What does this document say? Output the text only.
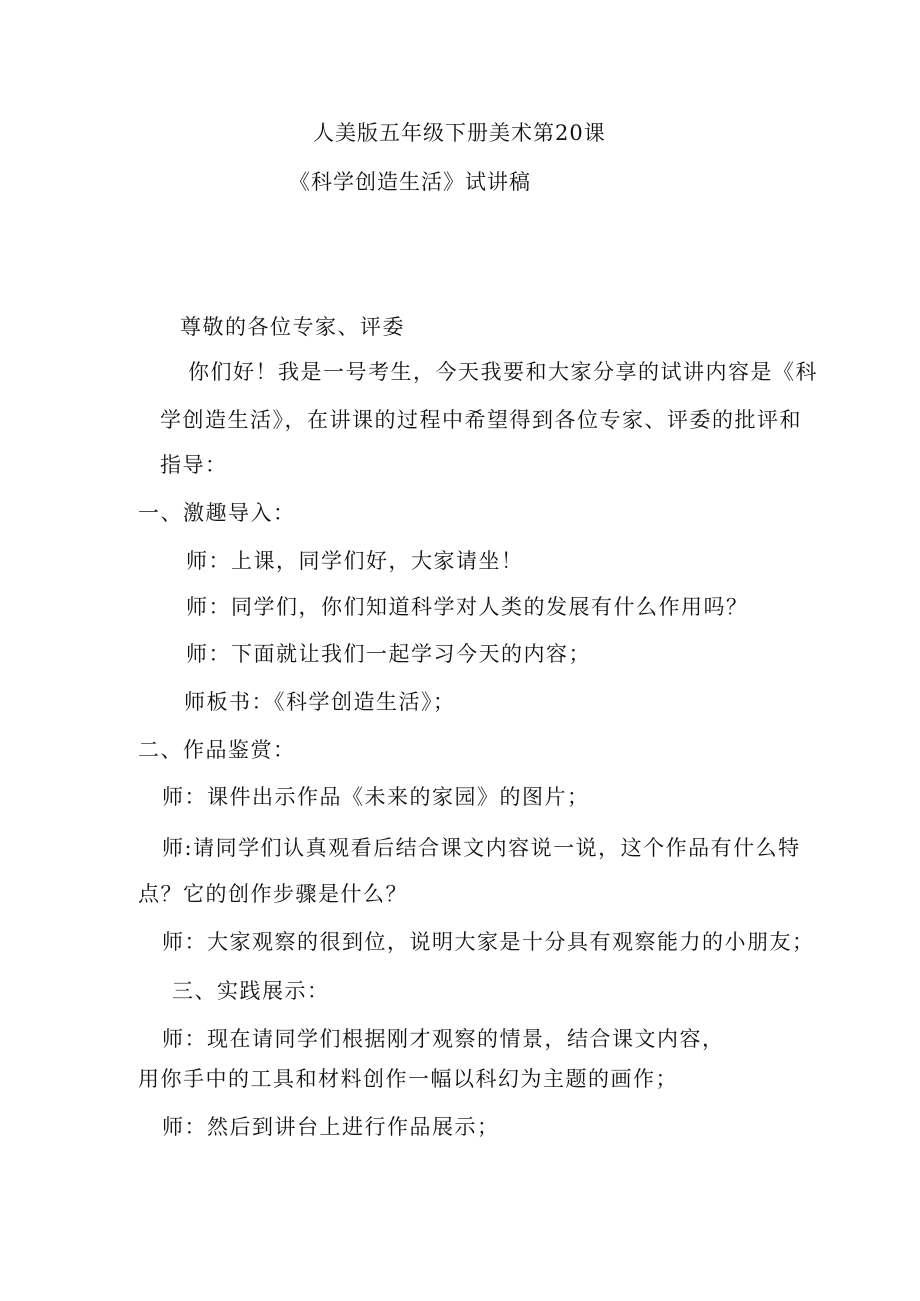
人美版五年级下册美术第20课
《科学创造生活》试讲稿
尊敬的各位专家、评委
你们好！我是一号考生，今天我要和大家分享的试讲内容是《科
学创造生活》，在讲课的过程中希望得到各位专家、评委的批评和
指导：
一、激趣导入：
师：上课，同学们好，大家请坐！
师：同学们，你们知道科学对人类的发展有什么作用吗？
师：下面就让我们一起学习今天的内容；
师板书：《科学创造生活》；
二、作品鉴赏：
师：课件出示作品《未来的家园》的图片；
师:请同学们认真观看后结合课文内容说一说，这个作品有什么特
点？它的创作步骤是什么？
师：大家观察的很到位，说明大家是十分具有观察能力的小朋友；
三、实践展示：
师：现在请同学们根据刚才观察的情景，结合课文内容，
用你手中的工具和材料创作一幅以科幻为主题的画作；
师：然后到讲台上进行作品展示；
